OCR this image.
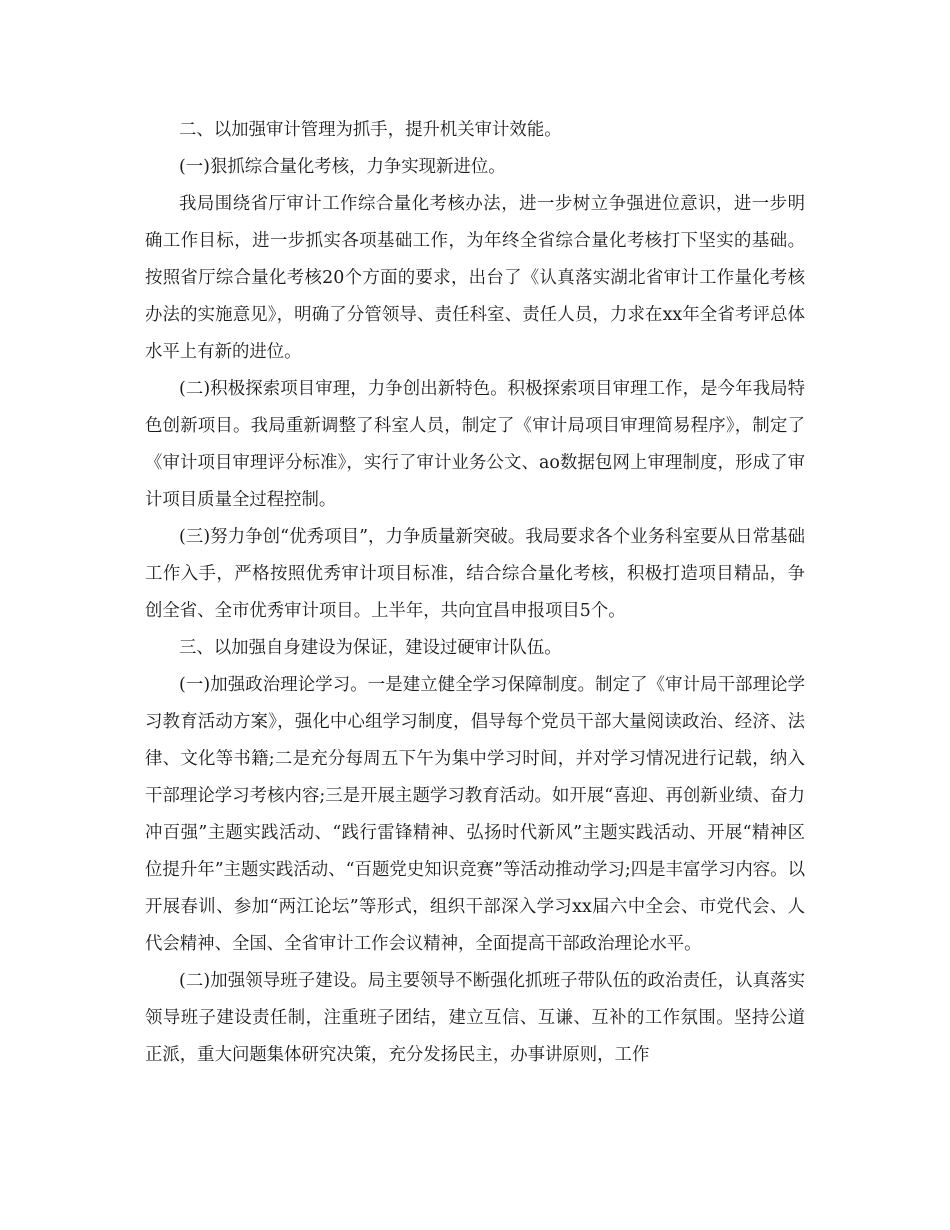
二、以加强审计管理为抓手，提升机关审计效能。

(一)狠抓综合量化考核，力争实现新进位。

我局围绕省厅审计工作综合量化考核办法，进一步树立争强进位意识，进一步明确工作目标，进一步抓实各项基础工作，为年终全省综合量化考核打下坚实的基础。按照省厅综合量化考核20个方面的要求，出台了《认真落实湖北省审计工作量化考核办法的实施意见》，明确了分管领导、责任科室、责任人员，力求在xx年全省考评总体水平上有新的进位。

(二)积极探索项目审理，力争创出新特色。积极探索项目审理工作，是今年我局特色创新项目。我局重新调整了科室人员，制定了《审计局项目审理简易程序》，制定了《审计项目审理评分标准》，实行了审计业务公文、ao数据包网上审理制度，形成了审计项目质量全过程控制。

(三)努力争创“优秀项目”，力争质量新突破。我局要求各个业务科室要从日常基础工作入手，严格按照优秀审计项目标准，结合综合量化考核，积极打造项目精品，争创全省、全市优秀审计项目。上半年，共向宜昌申报项目5个。

三、以加强自身建设为保证，建设过硬审计队伍。

(一)加强政治理论学习。一是建立健全学习保障制度。制定了《审计局干部理论学习教育活动方案》，强化中心组学习制度，倡导每个党员干部大量阅读政治、经济、法律、文化等书籍;二是充分每周五下午为集中学习时间，并对学习情况进行记载，纳入干部理论学习考核内容;三是开展主题学习教育活动。如开展“喜迎、再创新业绩、奋力冲百强”主题实践活动、“践行雷锋精神、弘扬时代新风”主题实践活动、开展“精神区位提升年”主题实践活动、“百题党史知识竞赛”等活动推动学习;四是丰富学习内容。以开展春训、参加“两江论坛”等形式，组织干部深入学习xx届六中全会、市党代会、人代会精神、全国、全省审计工作会议精神，全面提高干部政治理论水平。

(二)加强领导班子建设。局主要领导不断强化抓班子带队伍的政治责任，认真落实领导班子建设责任制，注重班子团结，建立互信、互谦、互补的工作氛围。坚持公道正派，重大问题集体研究决策，充分发扬民主，办事讲原则，工作
